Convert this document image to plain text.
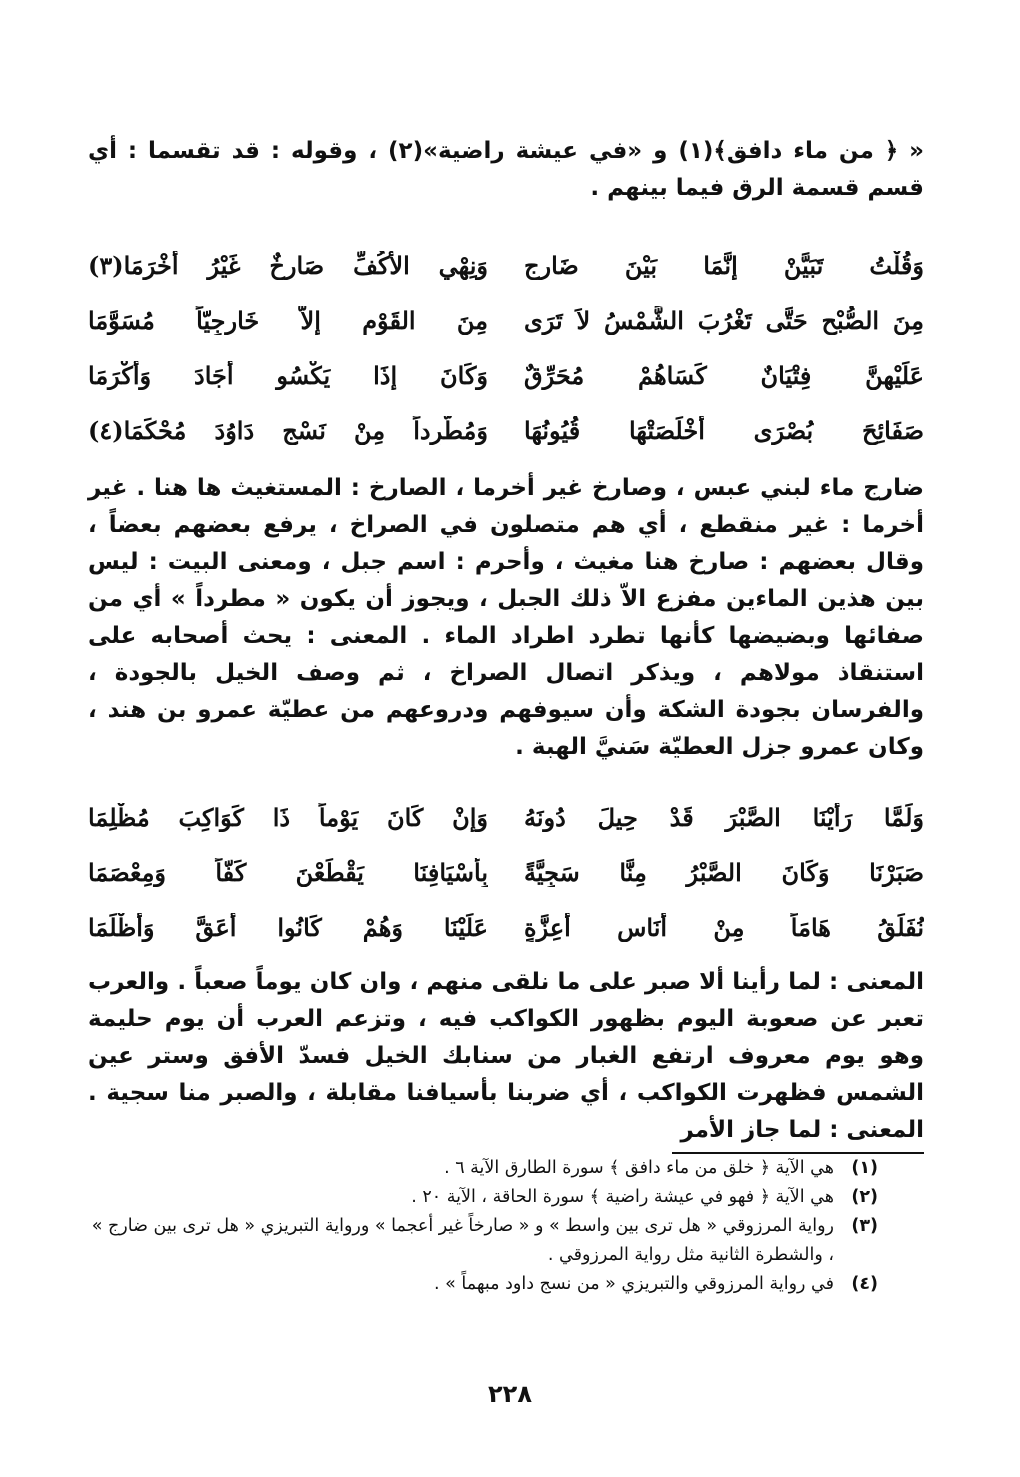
« ﴿ من ماء دافق﴾(١) و «في عيشة راضية»(٢) ، وقوله : قد تقسما : أي قسم قسمة الرق فيما بينهم .

وَقُلْتُ تَبَيَّنْ إِنَّمَا بَيْنَ ضَارِجٍ
وَنِهْيِ الأَكُفِّ صَارِخٌ غَيْرُ أَخْرَمَا(٣)
مِنَ الصُّبْحِ حَتَّى تَغْرُبَ الشَّمْسُ لاَ تَرَى
مِنَ القَوْمِ إلاَّ خَارِجِيّاً مُسَوَّمَا
عَلَيْهِنَّ فِتْيَانٌ كَسَاهُمْ مُحَرِّقٌ
وَكَانَ إِذَا يَكْسُو أَجَادَ وَأَكْرَمَا
صَفَائِحَ بُصْرَى أَخْلَصَتْهَا قُيُونُهَا
وَمُطَّرِداً مِنْ نَسْجِ دَاوُدَ مُحْكَمَا(٤)

ضارج ماء لبني عبس ، وصارخ غير أخرما ، الصارخ : المستغيث ها هنا . غير أخرما : غير منقطع ، أي هم متصلون في الصراخ ، يرفع بعضهم بعضاً ، وقال بعضهم : صارخ هنا مغيث ، وأحرم : اسم جبل ، ومعنى البيت : ليس بين هذين الماءين مفزع الاّ ذلك الجبل ، ويجوز أن يكون « مطرداً » أي من صفائها وبضيضها كأنها تطرد اطراد الماء . المعنى : يحث أصحابه على استنقاذ مولاهم ، ويذكر اتصال الصراخ ، ثم وصف الخيل بالجودة ، والفرسان بجودة الشكة وأن سيوفهم ودروعهم من عطيّة عمرو بن هند ، وكان عمرو جزل العطيّة سَنيَّ الهبة .

وَلَمَّا رَأَيْنَا الصَّبْرَ قَدْ حِيلَ دُونَهُ
وَإِنْ كَانَ يَوْماً ذَا كَوَاكِبَ مُظْلِمَا
صَبَرْنَا وَكَانَ الصَّبْرُ مِنَّا سَجِيَّةً
بِأَسْيَافِنَا يَقْطَعْنَ كَفّاً وَمِعْصَمَا
نُفَلِّقُ هَامَاً مِنْ أُنَاسٍ أَعِزَّةٍ
عَلَيْنَا وَهُمْ كَانُوا أَعَقَّ وَأَظْلَمَا

المعنى : لما رأينا ألا صبر على ما نلقى منهم ، وان كان يوماً صعباً . والعرب تعبر عن صعوبة اليوم بظهور الكواكب فيه ، وتزعم العرب أن يوم حليمة وهو يوم معروف ارتفع الغبار من سنابك الخيل فسدّ الأفق وستر عين الشمس فظهرت الكواكب ، أي ضربنا بأسيافنا مقابلة ، والصبر منا سجية . المعنى : لما جاز الأمر

(١)
هي الآية ﴿ خلق من ماء دافق ﴾ سورة الطارق الآية ٦ .
(٢)
هي الآية ﴿ فهو في عيشة راضية ﴾ سورة الحاقة ، الآية ٢٠ .
(٣)
رواية المرزوقي « هل ترى بين واسط » و « صارخاً غير أعجما » ورواية التبريزي « هل ترى بين ضارج » ، والشطرة الثانية مثل رواية المرزوقي .
(٤)
في رواية المرزوقي والتبريزي « من نسج داود مبهماً » .
٢٢٨
